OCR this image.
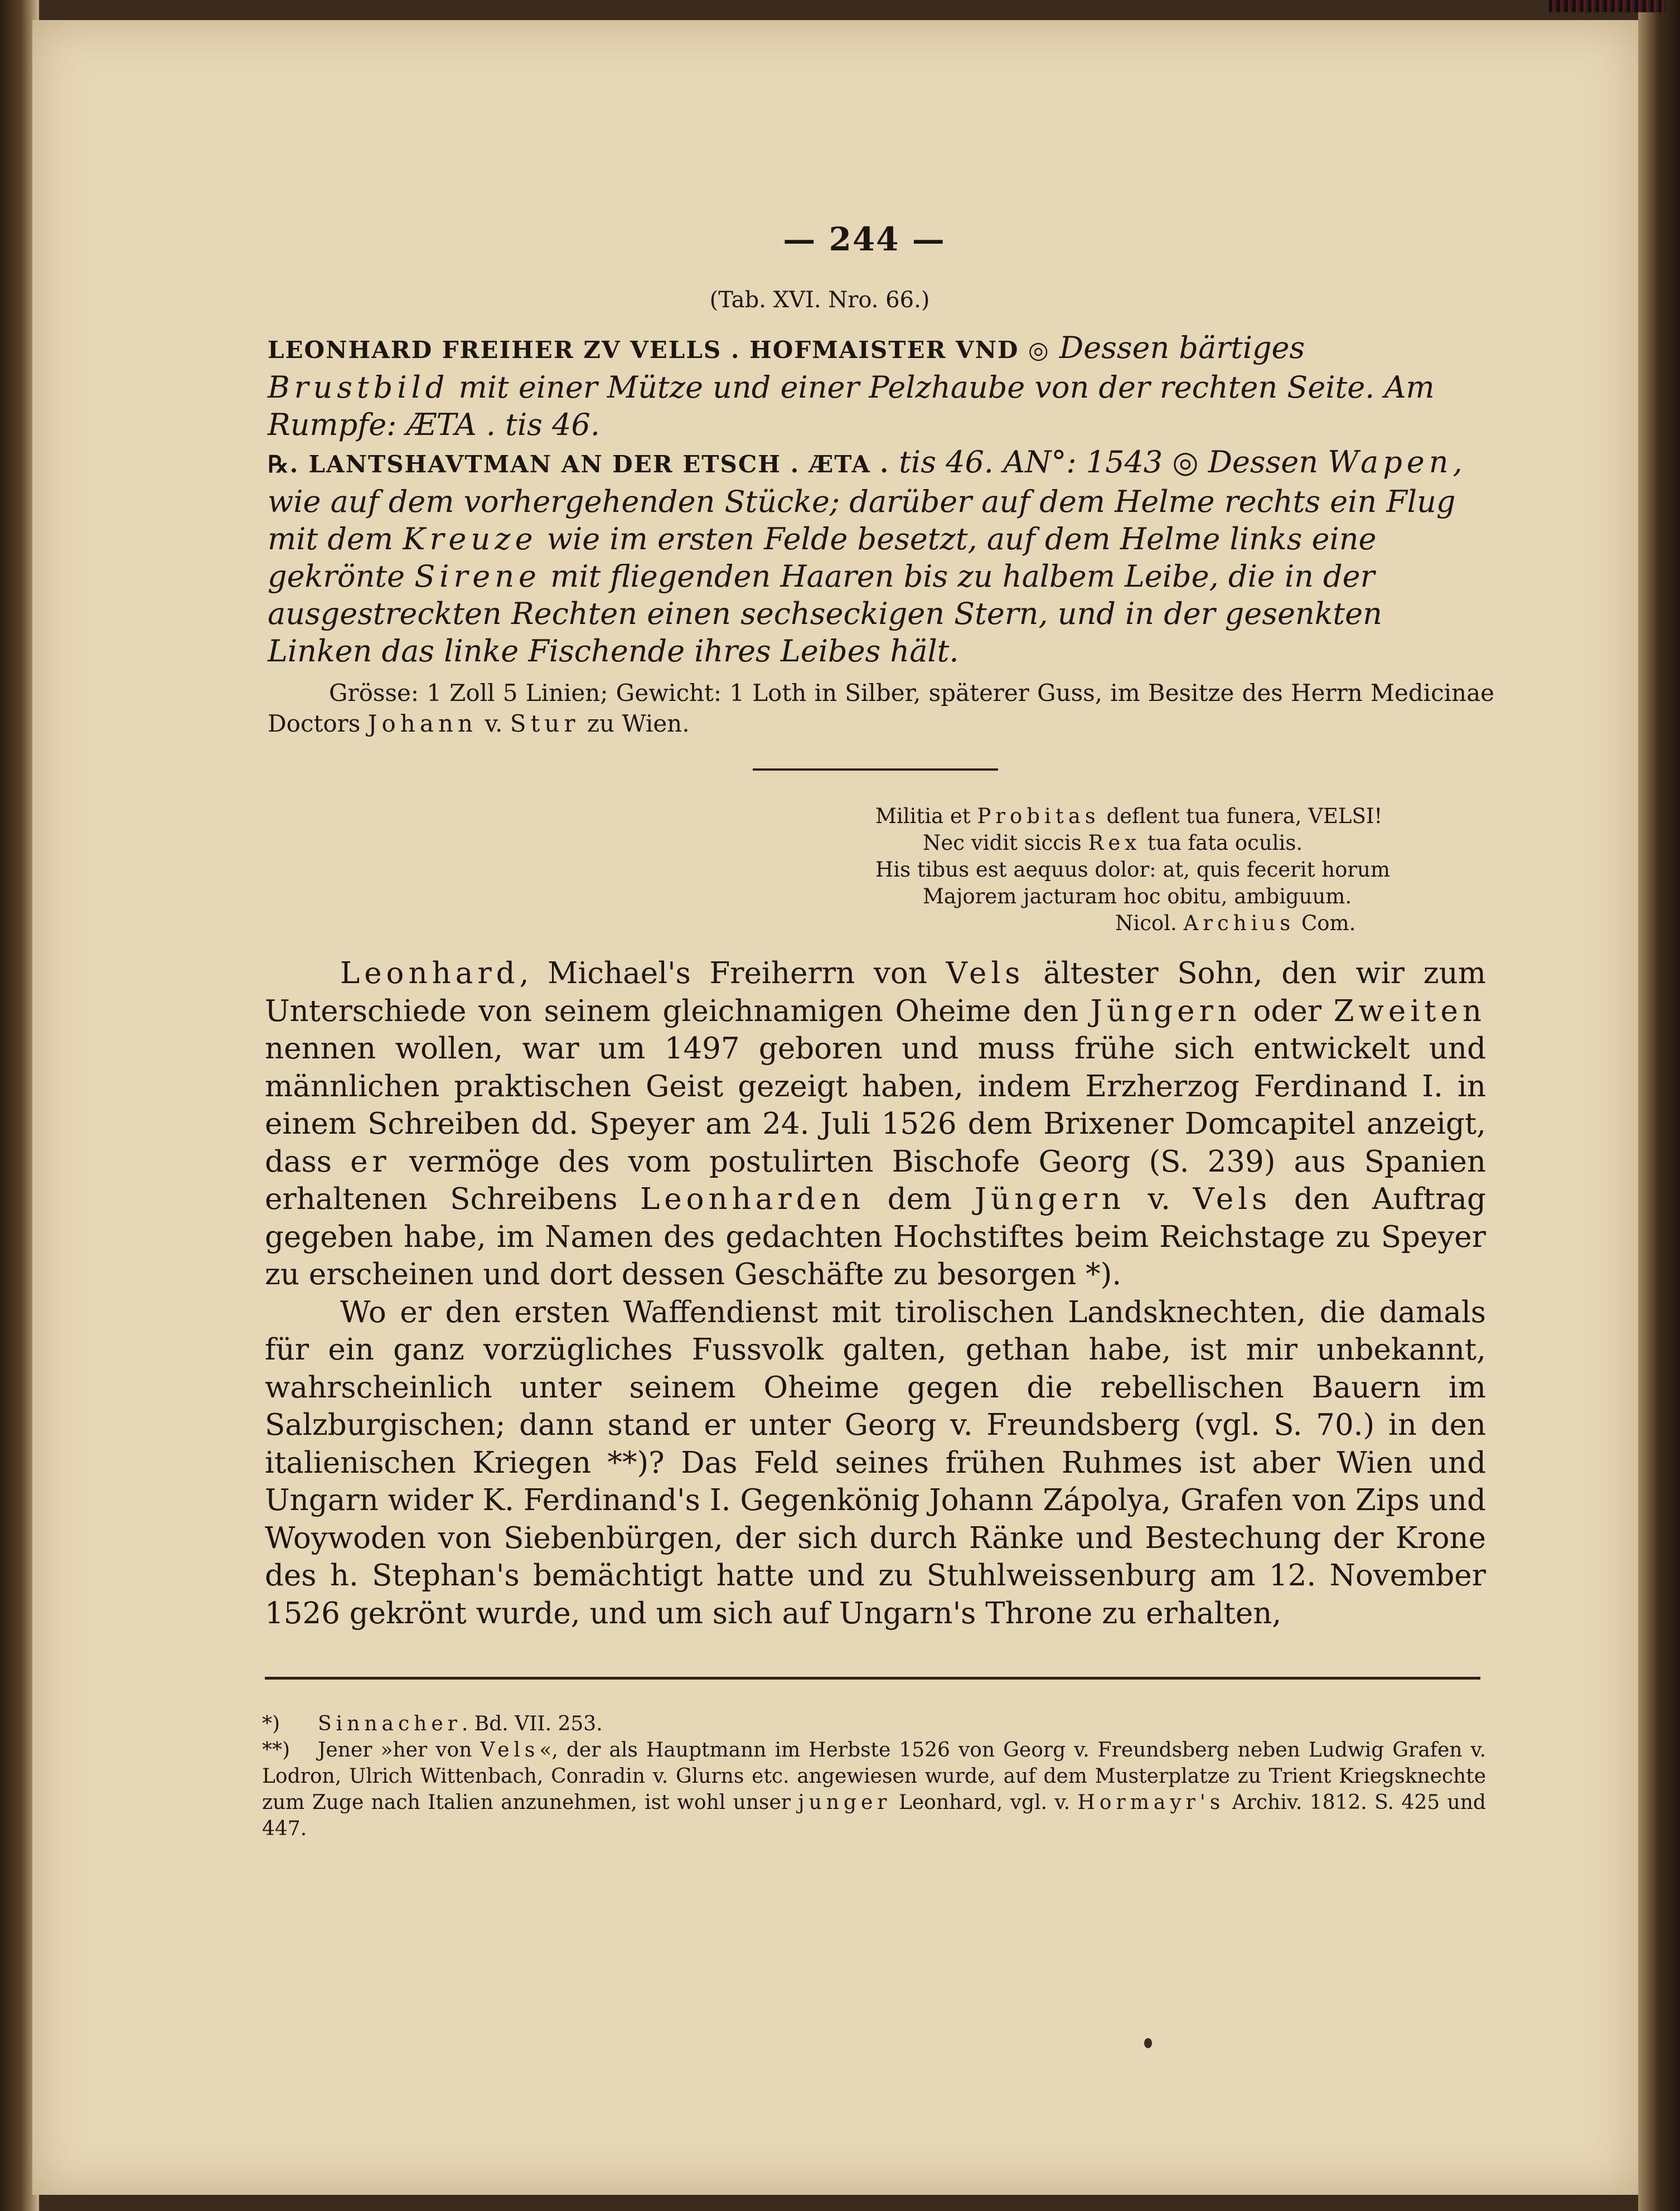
— 244 —
(Tab. XVI. Nro. 66.)
LEONHARD FREIHER ZV VELLS . HOFMAISTER VND ◎ Dessen bärtiges Brustbild mit einer Mütze und einer Pelzhaube von der rechten Seite. Am Rumpfe: ÆTA . tis 46.
℞. LANTSHAVTMAN AN DER ETSCH . ÆTA . tis 46. AN°: 1543 ◎ Dessen Wapen, wie auf dem vorhergehenden Stücke; darüber auf dem Helme rechts ein Flug mit dem Kreuze wie im ersten Felde besetzt, auf dem Helme links eine gekrönte Sirene mit fliegenden Haaren bis zu halbem Leibe, die in der ausgestreckten Rechten einen sechseckigen Stern, und in der gesenkten Linken das linke Fischende ihres Leibes hält.
Grösse: 1 Zoll 5 Linien; Gewicht: 1 Loth in Silber, späterer Guss, im Besitze des Herrn Medicinae Doctors Johann v. Stur zu Wien.
Militia et Probitas deflent tua funera, VELSI!
Nec vidit siccis Rex tua fata oculis.
His tibus est aequus dolor: at, quis fecerit horum
Majorem jacturam hoc obitu, ambiguum.
Nicol. Archius Com.

Leonhard, Michael's Freiherrn von Vels ältester Sohn, den wir zum Unterschiede von seinem gleichnamigen Oheime den Jüngern oder Zweiten nennen wollen, war um 1497 geboren und muss frühe sich entwickelt und männlichen praktischen Geist gezeigt haben, indem Erzherzog Ferdinand I. in einem Schreiben dd. Speyer am 24. Juli 1526 dem Brixener Domcapitel anzeigt, dass er vermöge des vom postulirten Bischofe Georg (S. 239) aus Spanien erhaltenen Schreibens Leonharden dem Jüngern v. Vels den Auftrag gegeben habe, im Namen des gedachten Hochstiftes beim Reichstage zu Speyer zu erscheinen und dort dessen Geschäfte zu besorgen *).

Wo er den ersten Waffendienst mit tirolischen Landsknechten, die damals für ein ganz vorzügliches Fussvolk galten, gethan habe, ist mir unbekannt, wahrscheinlich unter seinem Oheime gegen die rebellischen Bauern im Salzburgischen; dann stand er unter Georg v. Freundsberg (vgl. S. 70.) in den italienischen Kriegen **)? Das Feld seines frühen Ruhmes ist aber Wien und Ungarn wider K. Ferdinand's I. Gegenkönig Johann Zápolya, Grafen von Zips und Woywoden von Siebenbürgen, der sich durch Ränke und Bestechung der Krone des h. Stephan's bemächtigt hatte und zu Stuhlweissenburg am 12. November 1526 gekrönt wurde, und um sich auf Ungarn's Throne zu erhalten,

*) Sinnacher. Bd. VII. 253.
**) Jener »her von Vels«, der als Hauptmann im Herbste 1526 von Georg v. Freundsberg neben Ludwig Grafen v. Lodron, Ulrich Wittenbach, Conradin v. Glurns etc. angewiesen wurde, auf dem Musterplatze zu Trient Kriegsknechte zum Zuge nach Italien anzunehmen, ist wohl unser junger Leonhard, vgl. v. Hormayr's Archiv. 1812. S. 425 und 447.
